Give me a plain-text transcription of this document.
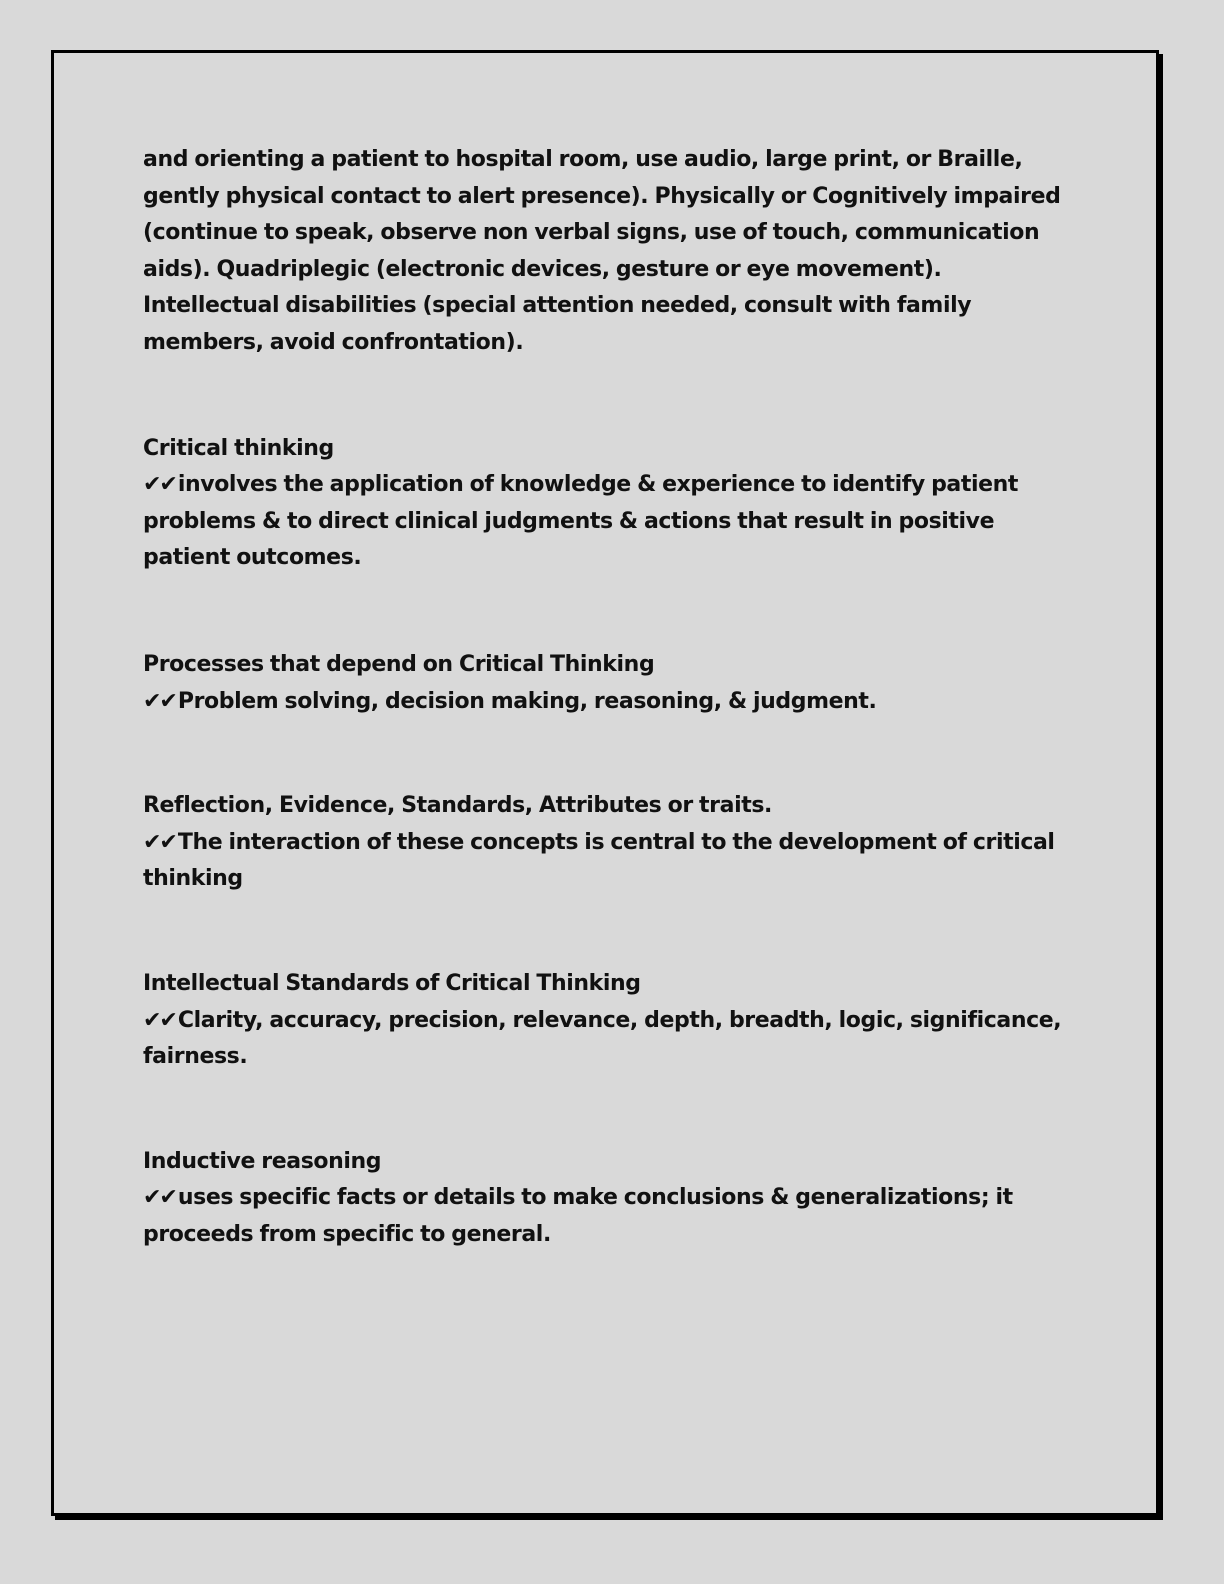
and orienting a patient to hospital room, use audio, large print, or Braille, gently physical contact to alert presence). Physically or Cognitively impaired (continue to speak, observe non verbal signs, use of touch, communication aids). Quadriplegic (electronic devices, gesture or eye movement). Intellectual disabilities (special attention needed, consult with family members, avoid confrontation).

Critical thinking

✔✔involves the application of knowledge & experience to identify patient problems & to direct clinical judgments & actions that result in positive patient outcomes.

Processes that depend on Critical Thinking

✔✔Problem solving, decision making, reasoning, & judgment.

Reflection, Evidence, Standards, Attributes or traits.

✔✔The interaction of these concepts is central to the development of critical thinking

Intellectual Standards of Critical Thinking

✔✔Clarity, accuracy, precision, relevance, depth, breadth, logic, significance, fairness.

Inductive reasoning

✔✔uses specific facts or details to make conclusions & generalizations; it proceeds from specific to general.
